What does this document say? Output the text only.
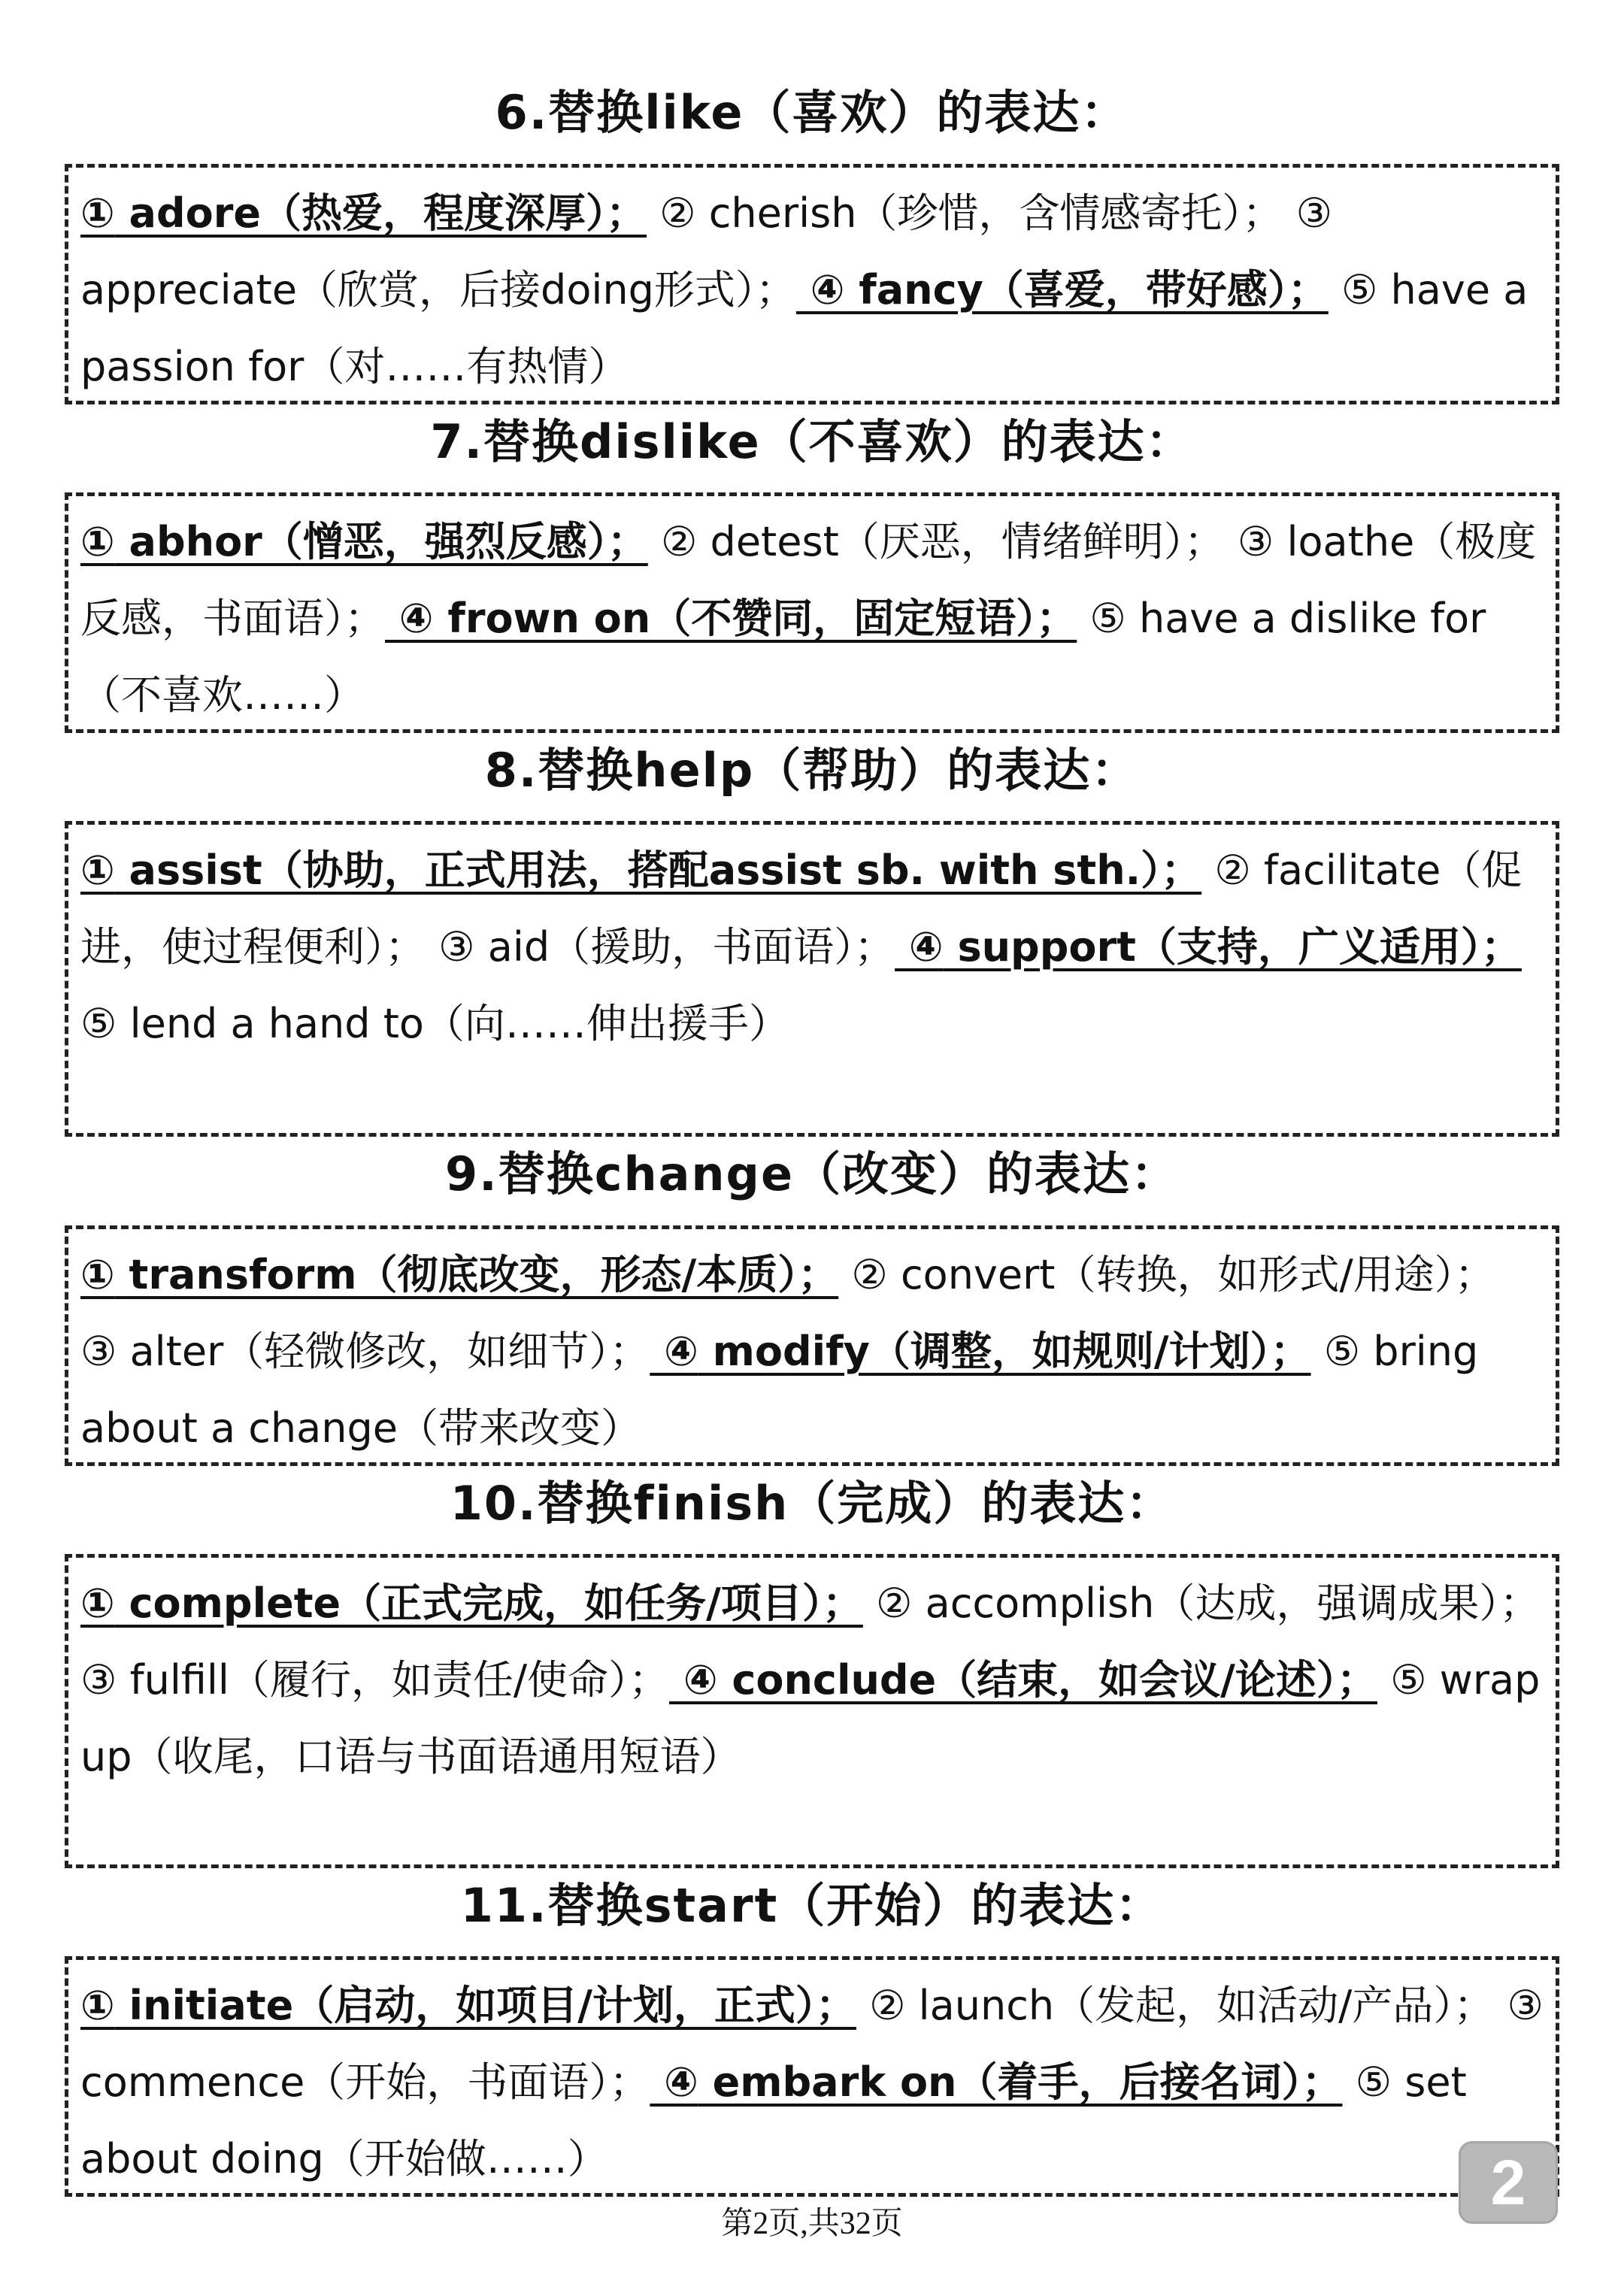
6.替换like（喜欢）的表达：
① adore（热爱，程度深厚）； ② cherish（珍惜，含情感寄托）； ③ appreciate（欣赏，后接doing形式）； ④ fancy（喜爱，带好感）； ⑤ have a passion for（对……有热情）
7.替换dislike（不喜欢）的表达：
① abhor（憎恶，强烈反感）； ② detest（厌恶，情绪鲜明）； ③ loathe（极度反感，书面语）； ④ frown on（不赞同，固定短语）； ⑤ have a dislike for（不喜欢……）
8.替换help（帮助）的表达：
① assist（协助，正式用法，搭配assist sb. with sth.）； ② facilitate（促进，使过程便利）； ③ aid（援助，书面语）； ④ support（支持，广义适用）； ⑤ lend a hand to（向……伸出援手）
9.替换change（改变）的表达：
① transform（彻底改变，形态/本质）； ② convert（转换，如形式/用途）； ③ alter（轻微修改，如细节）； ④ modify（调整，如规则/计划）； ⑤ bring about a change（带来改变）
10.替换finish（完成）的表达：
① complete（正式完成，如任务/项目）； ② accomplish（达成，强调成果）； ③ fulfill（履行，如责任/使命）； ④ conclude（结束，如会议/论述）； ⑤ wrap up（收尾，口语与书面语通用短语）
11.替换start（开始）的表达：
① initiate（启动，如项目/计划，正式）； ② launch（发起，如活动/产品）； ③ commence（开始，书面语）； ④ embark on（着手，后接名词）； ⑤ set about doing（开始做……）	2
第2页,共32页
